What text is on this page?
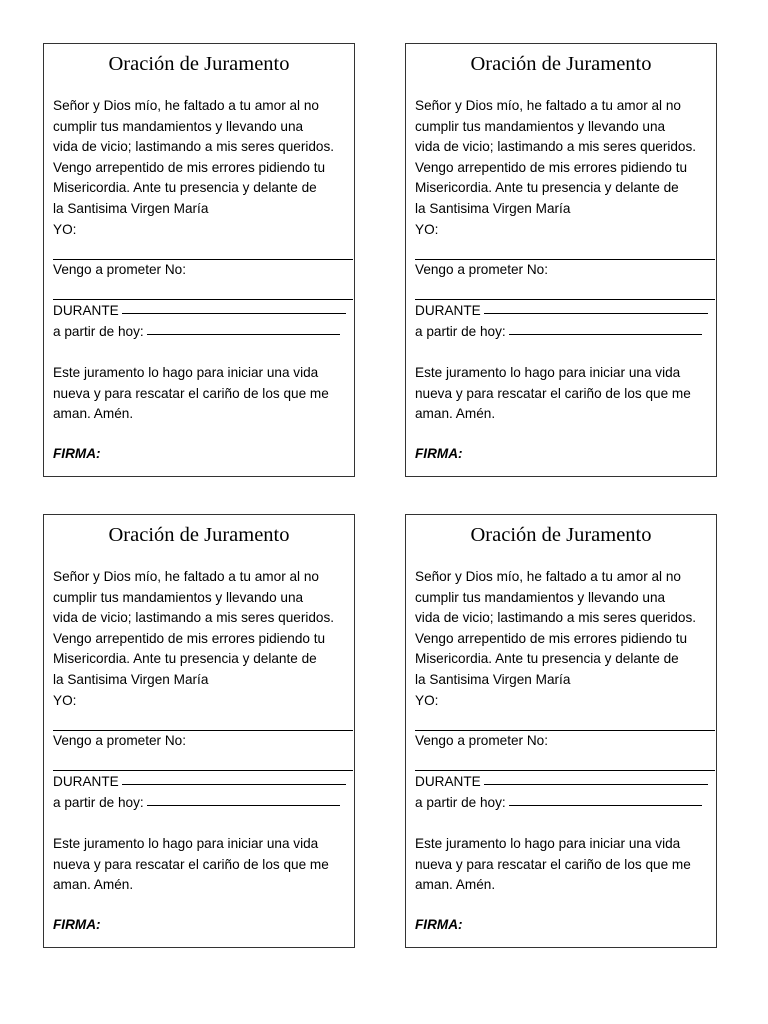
Oración de Juramento
Señor y Dios mío, he faltado a tu amor al no
cumplir tus mandamientos y llevando una
vida de vicio; lastimando a mis seres queridos.
Vengo arrepentido de mis errores pidiendo tu
Misericordia. Ante tu presencia y delante de
la Santisima Virgen María
YO:
Vengo a prometer No:
DURANTE
a partir de hoy:
Este juramento lo hago para iniciar una vida
nueva y para rescatar el cariño de los que me
aman. Amén.
FIRMA:
Oración de Juramento
Señor y Dios mío, he faltado a tu amor al no
cumplir tus mandamientos y llevando una
vida de vicio; lastimando a mis seres queridos.
Vengo arrepentido de mis errores pidiendo tu
Misericordia. Ante tu presencia y delante de
la Santisima Virgen María
YO:
Vengo a prometer No:
DURANTE
a partir de hoy:
Este juramento lo hago para iniciar una vida
nueva y para rescatar el cariño de los que me
aman. Amén.
FIRMA:
Oración de Juramento
Señor y Dios mío, he faltado a tu amor al no
cumplir tus mandamientos y llevando una
vida de vicio; lastimando a mis seres queridos.
Vengo arrepentido de mis errores pidiendo tu
Misericordia. Ante tu presencia y delante de
la Santisima Virgen María
YO:
Vengo a prometer No:
DURANTE
a partir de hoy:
Este juramento lo hago para iniciar una vida
nueva y para rescatar el cariño de los que me
aman. Amén.
FIRMA:
Oración de Juramento
Señor y Dios mío, he faltado a tu amor al no
cumplir tus mandamientos y llevando una
vida de vicio; lastimando a mis seres queridos.
Vengo arrepentido de mis errores pidiendo tu
Misericordia. Ante tu presencia y delante de
la Santisima Virgen María
YO:
Vengo a prometer No:
DURANTE
a partir de hoy:
Este juramento lo hago para iniciar una vida
nueva y para rescatar el cariño de los que me
aman. Amén.
FIRMA:
